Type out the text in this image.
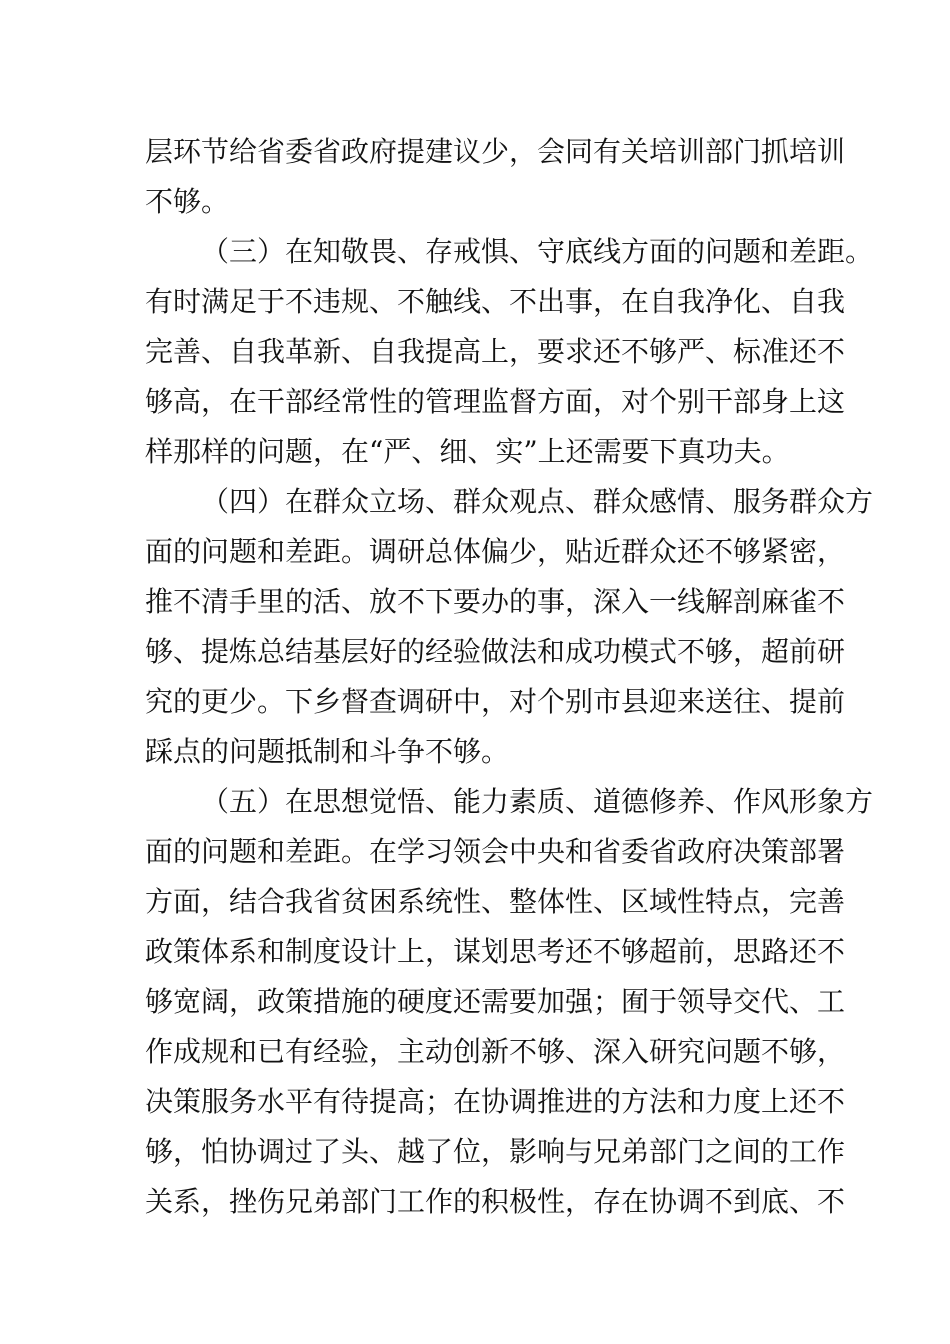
层环节给省委省政府提建议少，会同有关培训部门抓培训
不够。
（三）在知敬畏、存戒惧、守底线方面的问题和差距。
有时满足于不违规、不触线、不出事，在自我净化、自我
完善、自我革新、自我提高上，要求还不够严、标准还不
够高，在干部经常性的管理监督方面，对个别干部身上这
样那样的问题，在“严、细、实”上还需要下真功夫。
（四）在群众立场、群众观点、群众感情、服务群众方
面的问题和差距。调研总体偏少，贴近群众还不够紧密，
推不清手里的活、放不下要办的事，深入一线解剖麻雀不
够、提炼总结基层好的经验做法和成功模式不够，超前研
究的更少。下乡督查调研中，对个别市县迎来送往、提前
踩点的问题抵制和斗争不够。
（五）在思想觉悟、能力素质、道德修养、作风形象方
面的问题和差距。在学习领会中央和省委省政府决策部署
方面，结合我省贫困系统性、整体性、区域性特点，完善
政策体系和制度设计上，谋划思考还不够超前，思路还不
够宽阔，政策措施的硬度还需要加强；囿于领导交代、工
作成规和已有经验，主动创新不够、深入研究问题不够，
决策服务水平有待提高；在协调推进的方法和力度上还不
够，怕协调过了头、越了位，影响与兄弟部门之间的工作
关系，挫伤兄弟部门工作的积极性，存在协调不到底、不
